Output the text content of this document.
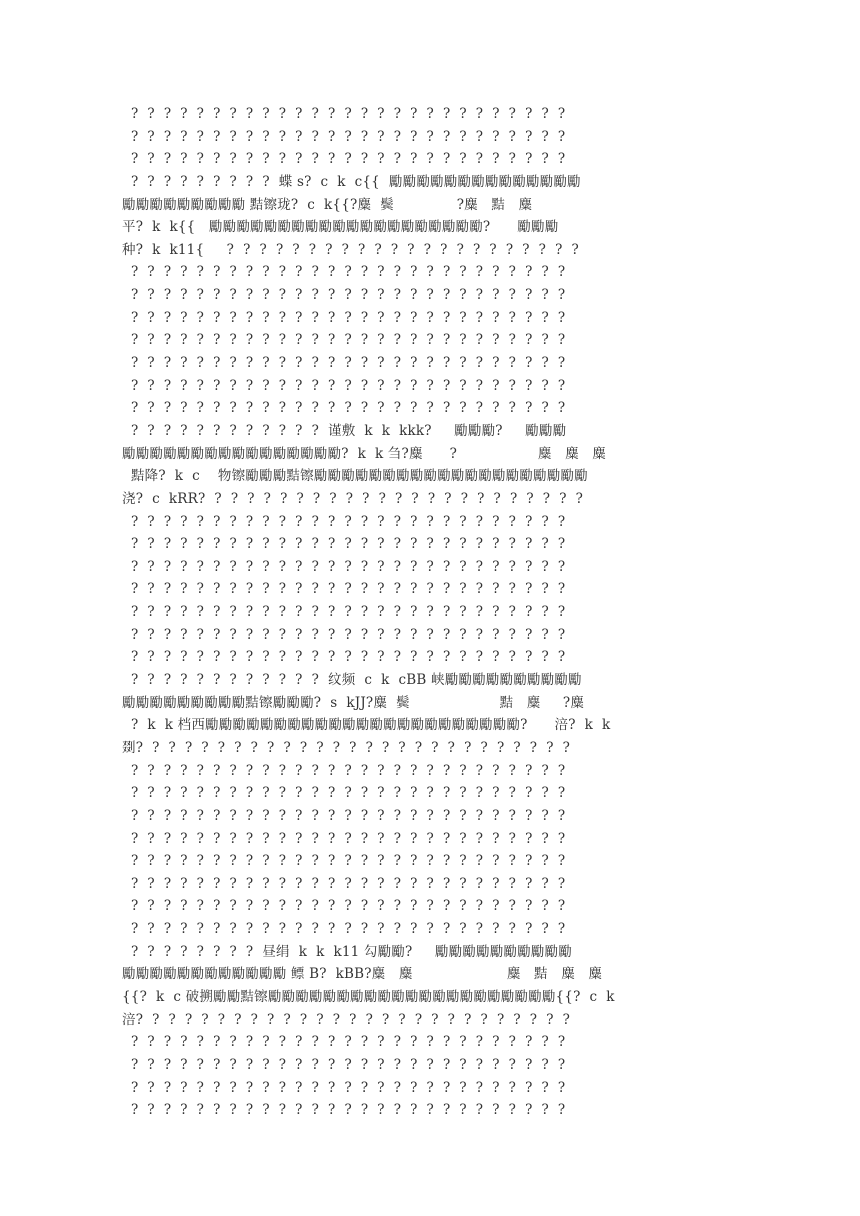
?  ?  ?  ?  ?  ?  ?  ?  ?  ?  ?  ?  ?  ?  ?  ?  ?  ?  ?  ?  ?  ?  ?  ?  ?  ?  ?
?  ?  ?  ?  ?  ?  ?  ?  ?  ?  ?  ?  ?  ?  ?  ?  ?  ?  ?  ?  ?  ?  ?  ?  ?  ?  ?
?  ?  ?  ?  ?  ?  ?  ?  ?  ?  ?  ?  ?  ?  ?  ?  ?  ?  ?  ?  ?  ?  ?  ?  ?  ?  ?
?  ?  ?  ?  ?  ?  ?  ?  ?  蝶 s?  c  k  c{{  勵勵勵勵勵勵勵勵勵勵勵勵勵勵
勵勵勵勵勵勵勵勵勵 黠镲珑?  c  k{{?麋  鬓              ?麋   黠   麋
平?  k  k{{   勵勵勵勵勵勵勵勵勵勵勵勵勵勵勵勵勵勵勵勵?      勵勵勵
种?  k  k11{     ?  ?  ?  ?  ?  ?  ?  ?  ?  ?  ?  ?  ?  ?  ?  ?  ?  ?  ?  ?  ?  ?
?  ?  ?  ?  ?  ?  ?  ?  ?  ?  ?  ?  ?  ?  ?  ?  ?  ?  ?  ?  ?  ?  ?  ?  ?  ?  ?
?  ?  ?  ?  ?  ?  ?  ?  ?  ?  ?  ?  ?  ?  ?  ?  ?  ?  ?  ?  ?  ?  ?  ?  ?  ?  ?
?  ?  ?  ?  ?  ?  ?  ?  ?  ?  ?  ?  ?  ?  ?  ?  ?  ?  ?  ?  ?  ?  ?  ?  ?  ?  ?
?  ?  ?  ?  ?  ?  ?  ?  ?  ?  ?  ?  ?  ?  ?  ?  ?  ?  ?  ?  ?  ?  ?  ?  ?  ?  ?
?  ?  ?  ?  ?  ?  ?  ?  ?  ?  ?  ?  ?  ?  ?  ?  ?  ?  ?  ?  ?  ?  ?  ?  ?  ?  ?
?  ?  ?  ?  ?  ?  ?  ?  ?  ?  ?  ?  ?  ?  ?  ?  ?  ?  ?  ?  ?  ?  ?  ?  ?  ?  ?
?  ?  ?  ?  ?  ?  ?  ?  ?  ?  ?  ?  ?  ?  ?  ?  ?  ?  ?  ?  ?  ?  ?  ?  ?  ?  ?
?  ?  ?  ?  ?  ?  ?  ?  ?  ?  ?  ?  谨敷  k  k  kkk?     勵勵勵?     勵勵勵
勵勵勵勵勵勵勵勵勵勵勵勵勵勵勵勵?  k  k 刍?麋      ?                  麋   麋   麋
黠降?  k  c    物镲勵勵勵黠镲勵勵勵勵勵勵勵勵勵勵勵勵勵勵勵勵勵勵勵勵
浇?  c  kRR?  ?  ?  ?  ?  ?  ?  ?  ?  ?  ?  ?  ?  ?  ?  ?  ?  ?  ?  ?  ?  ?  ?  ?
?  ?  ?  ?  ?  ?  ?  ?  ?  ?  ?  ?  ?  ?  ?  ?  ?  ?  ?  ?  ?  ?  ?  ?  ?  ?  ?
?  ?  ?  ?  ?  ?  ?  ?  ?  ?  ?  ?  ?  ?  ?  ?  ?  ?  ?  ?  ?  ?  ?  ?  ?  ?  ?
?  ?  ?  ?  ?  ?  ?  ?  ?  ?  ?  ?  ?  ?  ?  ?  ?  ?  ?  ?  ?  ?  ?  ?  ?  ?  ?
?  ?  ?  ?  ?  ?  ?  ?  ?  ?  ?  ?  ?  ?  ?  ?  ?  ?  ?  ?  ?  ?  ?  ?  ?  ?  ?
?  ?  ?  ?  ?  ?  ?  ?  ?  ?  ?  ?  ?  ?  ?  ?  ?  ?  ?  ?  ?  ?  ?  ?  ?  ?  ?
?  ?  ?  ?  ?  ?  ?  ?  ?  ?  ?  ?  ?  ?  ?  ?  ?  ?  ?  ?  ?  ?  ?  ?  ?  ?  ?
?  ?  ?  ?  ?  ?  ?  ?  ?  ?  ?  ?  ?  ?  ?  ?  ?  ?  ?  ?  ?  ?  ?  ?  ?  ?  ?
?  ?  ?  ?  ?  ?  ?  ?  ?  ?  ?  ?  纹频  c  k  cBB 峡勵勵勵勵勵勵勵勵勵勵
勵勵勵勵勵勵勵勵勵黠镲勵勵勵?  s  kJJ?麋  鬓                    黠   麋     ?麋
?  k  k 档西勵勵勵勵勵勵勵勵勵勵勵勵勵勵勵勵勵勵勵勵勵勵勵?      涪?  k  k
剟?  ?  ?  ?  ?  ?  ?  ?  ?  ?  ?  ?  ?  ?  ?  ?  ?  ?  ?  ?  ?  ?  ?  ?  ?  ?  ?
?  ?  ?  ?  ?  ?  ?  ?  ?  ?  ?  ?  ?  ?  ?  ?  ?  ?  ?  ?  ?  ?  ?  ?  ?  ?  ?
?  ?  ?  ?  ?  ?  ?  ?  ?  ?  ?  ?  ?  ?  ?  ?  ?  ?  ?  ?  ?  ?  ?  ?  ?  ?  ?
?  ?  ?  ?  ?  ?  ?  ?  ?  ?  ?  ?  ?  ?  ?  ?  ?  ?  ?  ?  ?  ?  ?  ?  ?  ?  ?
?  ?  ?  ?  ?  ?  ?  ?  ?  ?  ?  ?  ?  ?  ?  ?  ?  ?  ?  ?  ?  ?  ?  ?  ?  ?  ?
?  ?  ?  ?  ?  ?  ?  ?  ?  ?  ?  ?  ?  ?  ?  ?  ?  ?  ?  ?  ?  ?  ?  ?  ?  ?  ?
?  ?  ?  ?  ?  ?  ?  ?  ?  ?  ?  ?  ?  ?  ?  ?  ?  ?  ?  ?  ?  ?  ?  ?  ?  ?  ?
?  ?  ?  ?  ?  ?  ?  ?  ?  ?  ?  ?  ?  ?  ?  ?  ?  ?  ?  ?  ?  ?  ?  ?  ?  ?  ?
?  ?  ?  ?  ?  ?  ?  ?  ?  ?  ?  ?  ?  ?  ?  ?  ?  ?  ?  ?  ?  ?  ?  ?  ?  ?  ?
?  ?  ?  ?  ?  ?  ?  ?  昼绢  k  k  k11 勾勵勵?     勵勵勵勵勵勵勵勵勵勵
勵勵勵勵勵勵勵勵勵勵勵勵 鳔 B?  kBB?麋   麋                     麋   黠   麋   麋
{{?  k  c 破搠勵勵黠镲勵勵勵勵勵勵勵勵勵勵勵勵勵勵勵勵勵勵勵勵勵{{?  c  k
涪?  ?  ?  ?  ?  ?  ?  ?  ?  ?  ?  ?  ?  ?  ?  ?  ?  ?  ?  ?  ?  ?  ?  ?  ?  ?  ?
?  ?  ?  ?  ?  ?  ?  ?  ?  ?  ?  ?  ?  ?  ?  ?  ?  ?  ?  ?  ?  ?  ?  ?  ?  ?  ?
?  ?  ?  ?  ?  ?  ?  ?  ?  ?  ?  ?  ?  ?  ?  ?  ?  ?  ?  ?  ?  ?  ?  ?  ?  ?  ?
?  ?  ?  ?  ?  ?  ?  ?  ?  ?  ?  ?  ?  ?  ?  ?  ?  ?  ?  ?  ?  ?  ?  ?  ?  ?  ?
?  ?  ?  ?  ?  ?  ?  ?  ?  ?  ?  ?  ?  ?  ?  ?  ?  ?  ?  ?  ?  ?  ?  ?  ?  ?  ?
